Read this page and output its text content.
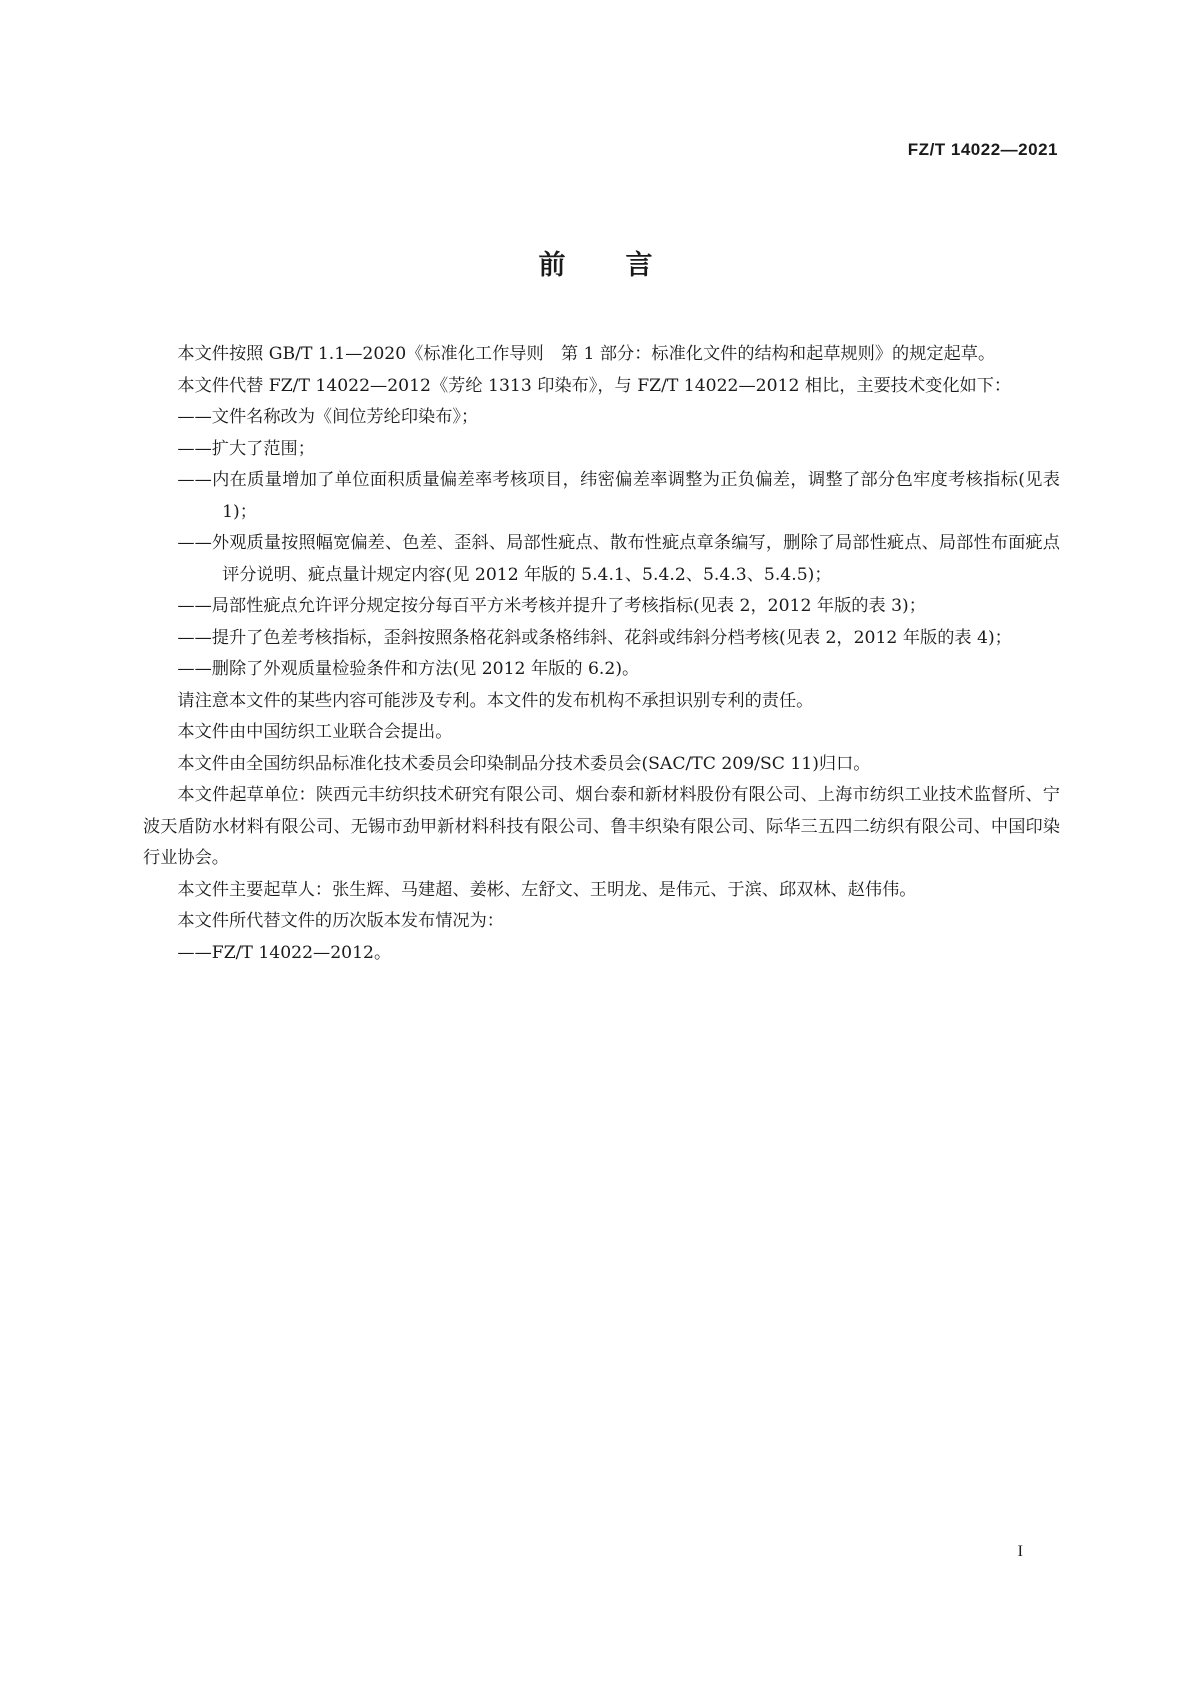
FZ/T 14022—2021
前言

本文件按照 GB/T 1.1—2020《标准化工作导则　第 1 部分：标准化文件的结构和起草规则》的规定起草。

本文件代替 FZ/T 14022—2012《芳纶 1313 印染布》，与 FZ/T 14022—2012 相比，主要技术变化如下：

——文件名称改为《间位芳纶印染布》；

——扩大了范围；

——内在质量增加了单位面积质量偏差率考核项目，纬密偏差率调整为正负偏差，调整了部分色牢度考核指标(见表 1)；

——外观质量按照幅宽偏差、色差、歪斜、局部性疵点、散布性疵点章条编写，删除了局部性疵点、局部性布面疵点评分说明、疵点量计规定内容(见 2012 年版的 5.4.1、5.4.2、5.4.3、5.4.5)；

——局部性疵点允许评分规定按分每百平方米考核并提升了考核指标(见表 2，2012 年版的表 3)；

——提升了色差考核指标，歪斜按照条格花斜或条格纬斜、花斜或纬斜分档考核(见表 2，2012 年版的表 4)；

——删除了外观质量检验条件和方法(见 2012 年版的 6.2)。

请注意本文件的某些内容可能涉及专利。本文件的发布机构不承担识别专利的责任。

本文件由中国纺织工业联合会提出。

本文件由全国纺织品标准化技术委员会印染制品分技术委员会(SAC/TC 209/SC 11)归口。

本文件起草单位：陕西元丰纺织技术研究有限公司、烟台泰和新材料股份有限公司、上海市纺织工业技术监督所、宁波天盾防水材料有限公司、无锡市劲甲新材料科技有限公司、鲁丰织染有限公司、际华三五四二纺织有限公司、中国印染行业协会。

本文件主要起草人：张生辉、马建超、姜彬、左舒文、王明龙、是伟元、于滨、邱双林、赵伟伟。

本文件所代替文件的历次版本发布情况为：

——FZ/T 14022—2012。

I
